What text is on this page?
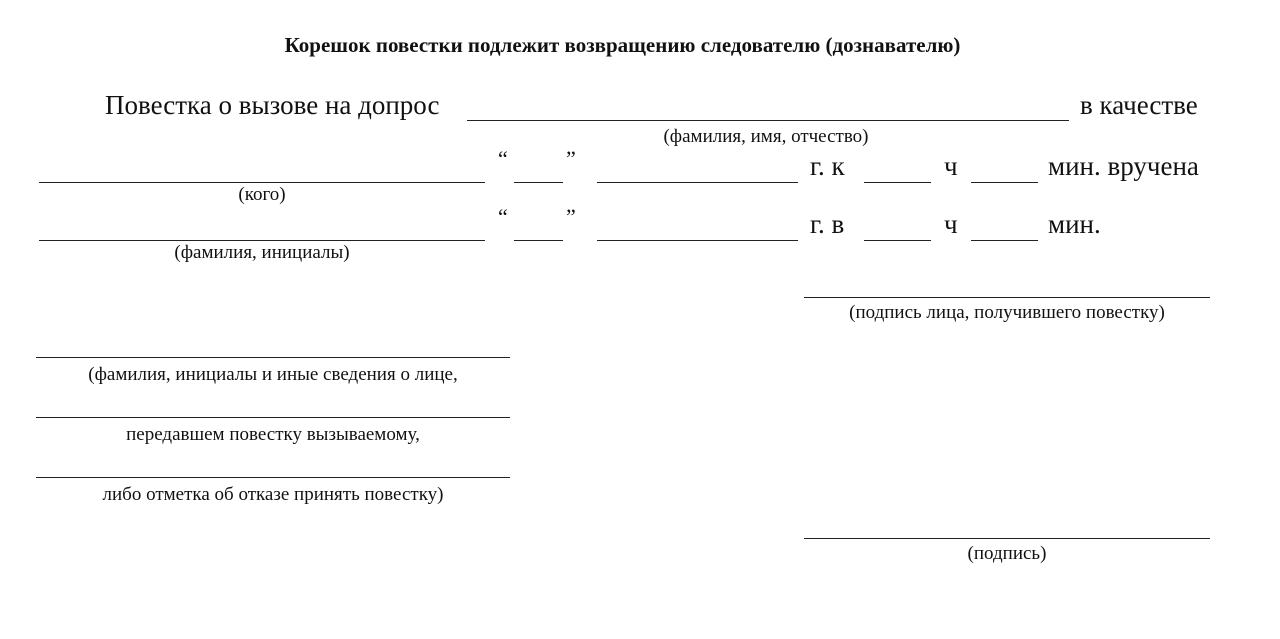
Корешок повестки подлежит возвращению следователю (дознавателю)
Повестка о вызове на допрос	в качестве
(фамилия, имя, отчество)
“	”	г. к	ч	мин. вручена
(кого)
“	”	г. в	ч	мин.
(фамилия, инициалы)
(подпись лица, получившего повестку)
(фамилия, инициалы и иные сведения о лице,
передавшем повестку вызываемому,
либо отметка об отказе принять повестку)
(подпись)
